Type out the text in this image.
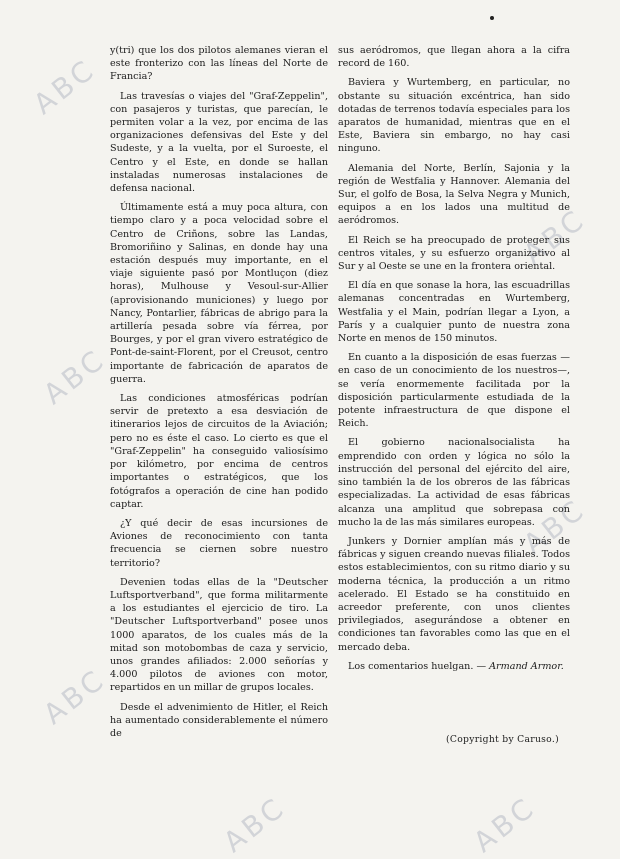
ABC
ABC
ABC
ABC
ABC
ABC	ABC

y(tri) que los dos pilotos alemanes vieran el este fronterizo con las líneas del Norte de Francia?

Las travesías o viajes del "Graf-Zeppelin", con pasajeros y turistas, que parecían, le permiten volar a la vez, por encima de las organizaciones defensivas del Este y del Sudeste, y a la vuelta, por el Suroeste, el Centro y el Este, en donde se hallan instaladas numerosas instalaciones de defensa nacional.

Últimamente está a muy poca altura, con tiempo claro y a poca velocidad sobre el Centro de Criñons, sobre las Landas, Bromoriñino y Salinas, en donde hay una estación después muy importante, en el viaje siguiente pasó por Montluçon (diez horas), Mulhouse y Vesoul-sur-Allier (aprovisionando municiones) y luego por Nancy, Pontarlier, fábricas de abrigo para la artillería pesada sobre vía férrea, por Bourges, y por el gran vivero estratégico de Pont-de-saint-Florent, por el Creusot, centro importante de fabricación de aparatos de guerra.

Las condiciones atmosféricas podrían servir de pretexto a esa desviación de itinerarios lejos de circuitos de la Aviación; pero no es éste el caso. Lo cierto es que el "Graf-Zeppelin" ha conseguido valiosísimo por kilómetro, por encima de centros importantes o estratégicos, que los fotógrafos a operación de cine han podido captar.

¿Y qué decir de esas incursiones de Aviones de reconocimiento con tanta frecuencia se ciernen sobre nuestro territorio?

Devenien todas ellas de la "Deutscher Luftsportverband", que forma militarmente a los estudiantes el ejercicio de tiro. La "Deutscher Luftsportverband" posee unos 1000 aparatos, de los cuales más de la mitad son motobombas de caza y servicio, unos grandes afiliados: 2.000 señorías y 4.000 pilotos de aviones con motor, repartidos en un millar de grupos locales.

Desde el advenimiento de Hitler, el Reich ha aumentado considerablemente el número de

sus aeródromos, que llegan ahora a la cifra record de 160.

Baviera y Wurtemberg, en particular, no obstante su situación excéntrica, han sido dotadas de terrenos todavía especiales para los aparatos de humanidad, mientras que en el Este, Baviera sin embargo, no hay casi ninguno.

Alemania del Norte, Berlín, Sajonia y la región de Westfalia y Hannover. Alemania del Sur, el golfo de Bosa, la Selva Negra y Munich, equipos a en los lados una multitud de aeródromos.

El Reich se ha preocupado de proteger sus centros vitales, y su esfuerzo organizativo al Sur y al Oeste se une en la frontera oriental.

El día en que sonase la hora, las escuadrillas alemanas concentradas en Wurtemberg, Westfalia y el Main, podrían llegar a Lyon, a París y a cualquier punto de nuestra zona Norte en menos de 150 minutos.

En cuanto a la disposición de esas fuerzas —en caso de un conocimiento de los nuestros—, se vería enormemente facilitada por la disposición particularmente estudiada de la potente infraestructura de que dispone el Reich.

El gobierno nacionalsocialista ha emprendido con orden y lógica no sólo la instrucción del personal del ejército del aire, sino también la de los obreros de las fábricas especializadas. La actividad de esas fábricas alcanza una amplitud que sobrepasa con mucho la de las más similares europeas.

Junkers y Dornier amplían más y más de fábricas y siguen creando nuevas filiales. Todos estos establecimientos, con su ritmo diario y su moderna técnica, la producción a un ritmo acelerado. El Estado se ha constituido en acreedor preferente, con unos clientes privilegiados, asegurándose a obtener en condiciones tan favorables como las que en el mercado deba.

Los comentarios huelgan. — Armand Armor.

(Copyright by Caruso.)
